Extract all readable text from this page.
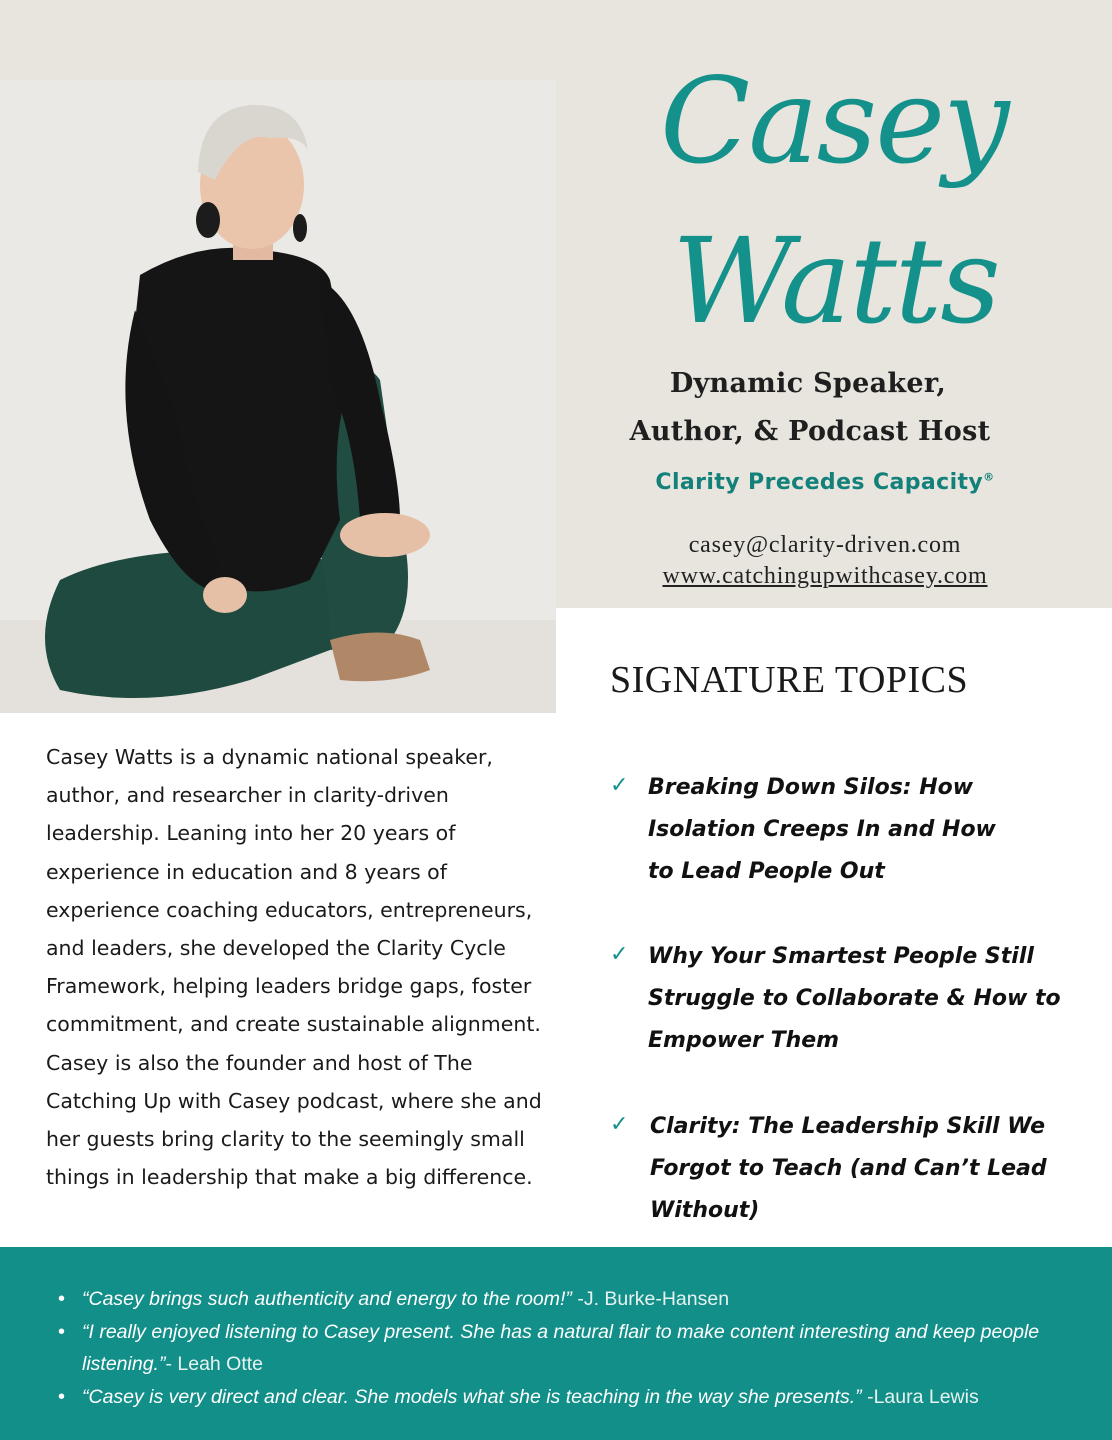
Casey
Watts
Dynamic Speaker,
Author, & Podcast Host
Clarity Precedes Capacity®
casey@clarity-driven.com
www.catchingupwithcasey.com
SIGNATURE TOPICS

Casey Watts is a dynamic national speaker, author, and researcher in clarity-driven leadership. Leaning into her 20 years of experience in education and 8 years of experience coaching educators, entrepreneurs, and leaders, she developed the Clarity Cycle Framework, helping leaders bridge gaps, foster commitment, and create sustainable alignment. Casey is also the founder and host of The Catching Up with Casey podcast, where she and her guests bring clarity to the seemingly small things in leadership that make a big difference.

✓ Breaking Down Silos: How
Isolation Creeps In and How
to Lead People Out
✓ Why Your Smartest People Still
Struggle to Collaborate & How to
Empower Them
✓ Clarity: The Leadership Skill We
Forgot to Teach (and Can’t Lead
Without)
• “Casey brings such authenticity and energy to the room!” -J. Burke-Hansen
• “I really enjoyed listening to Casey present. She has a natural flair to make content interesting and keep people listening.”- Leah Otte
• “Casey is very direct and clear. She models what she is teaching in the way she presents.” -Laura Lewis
